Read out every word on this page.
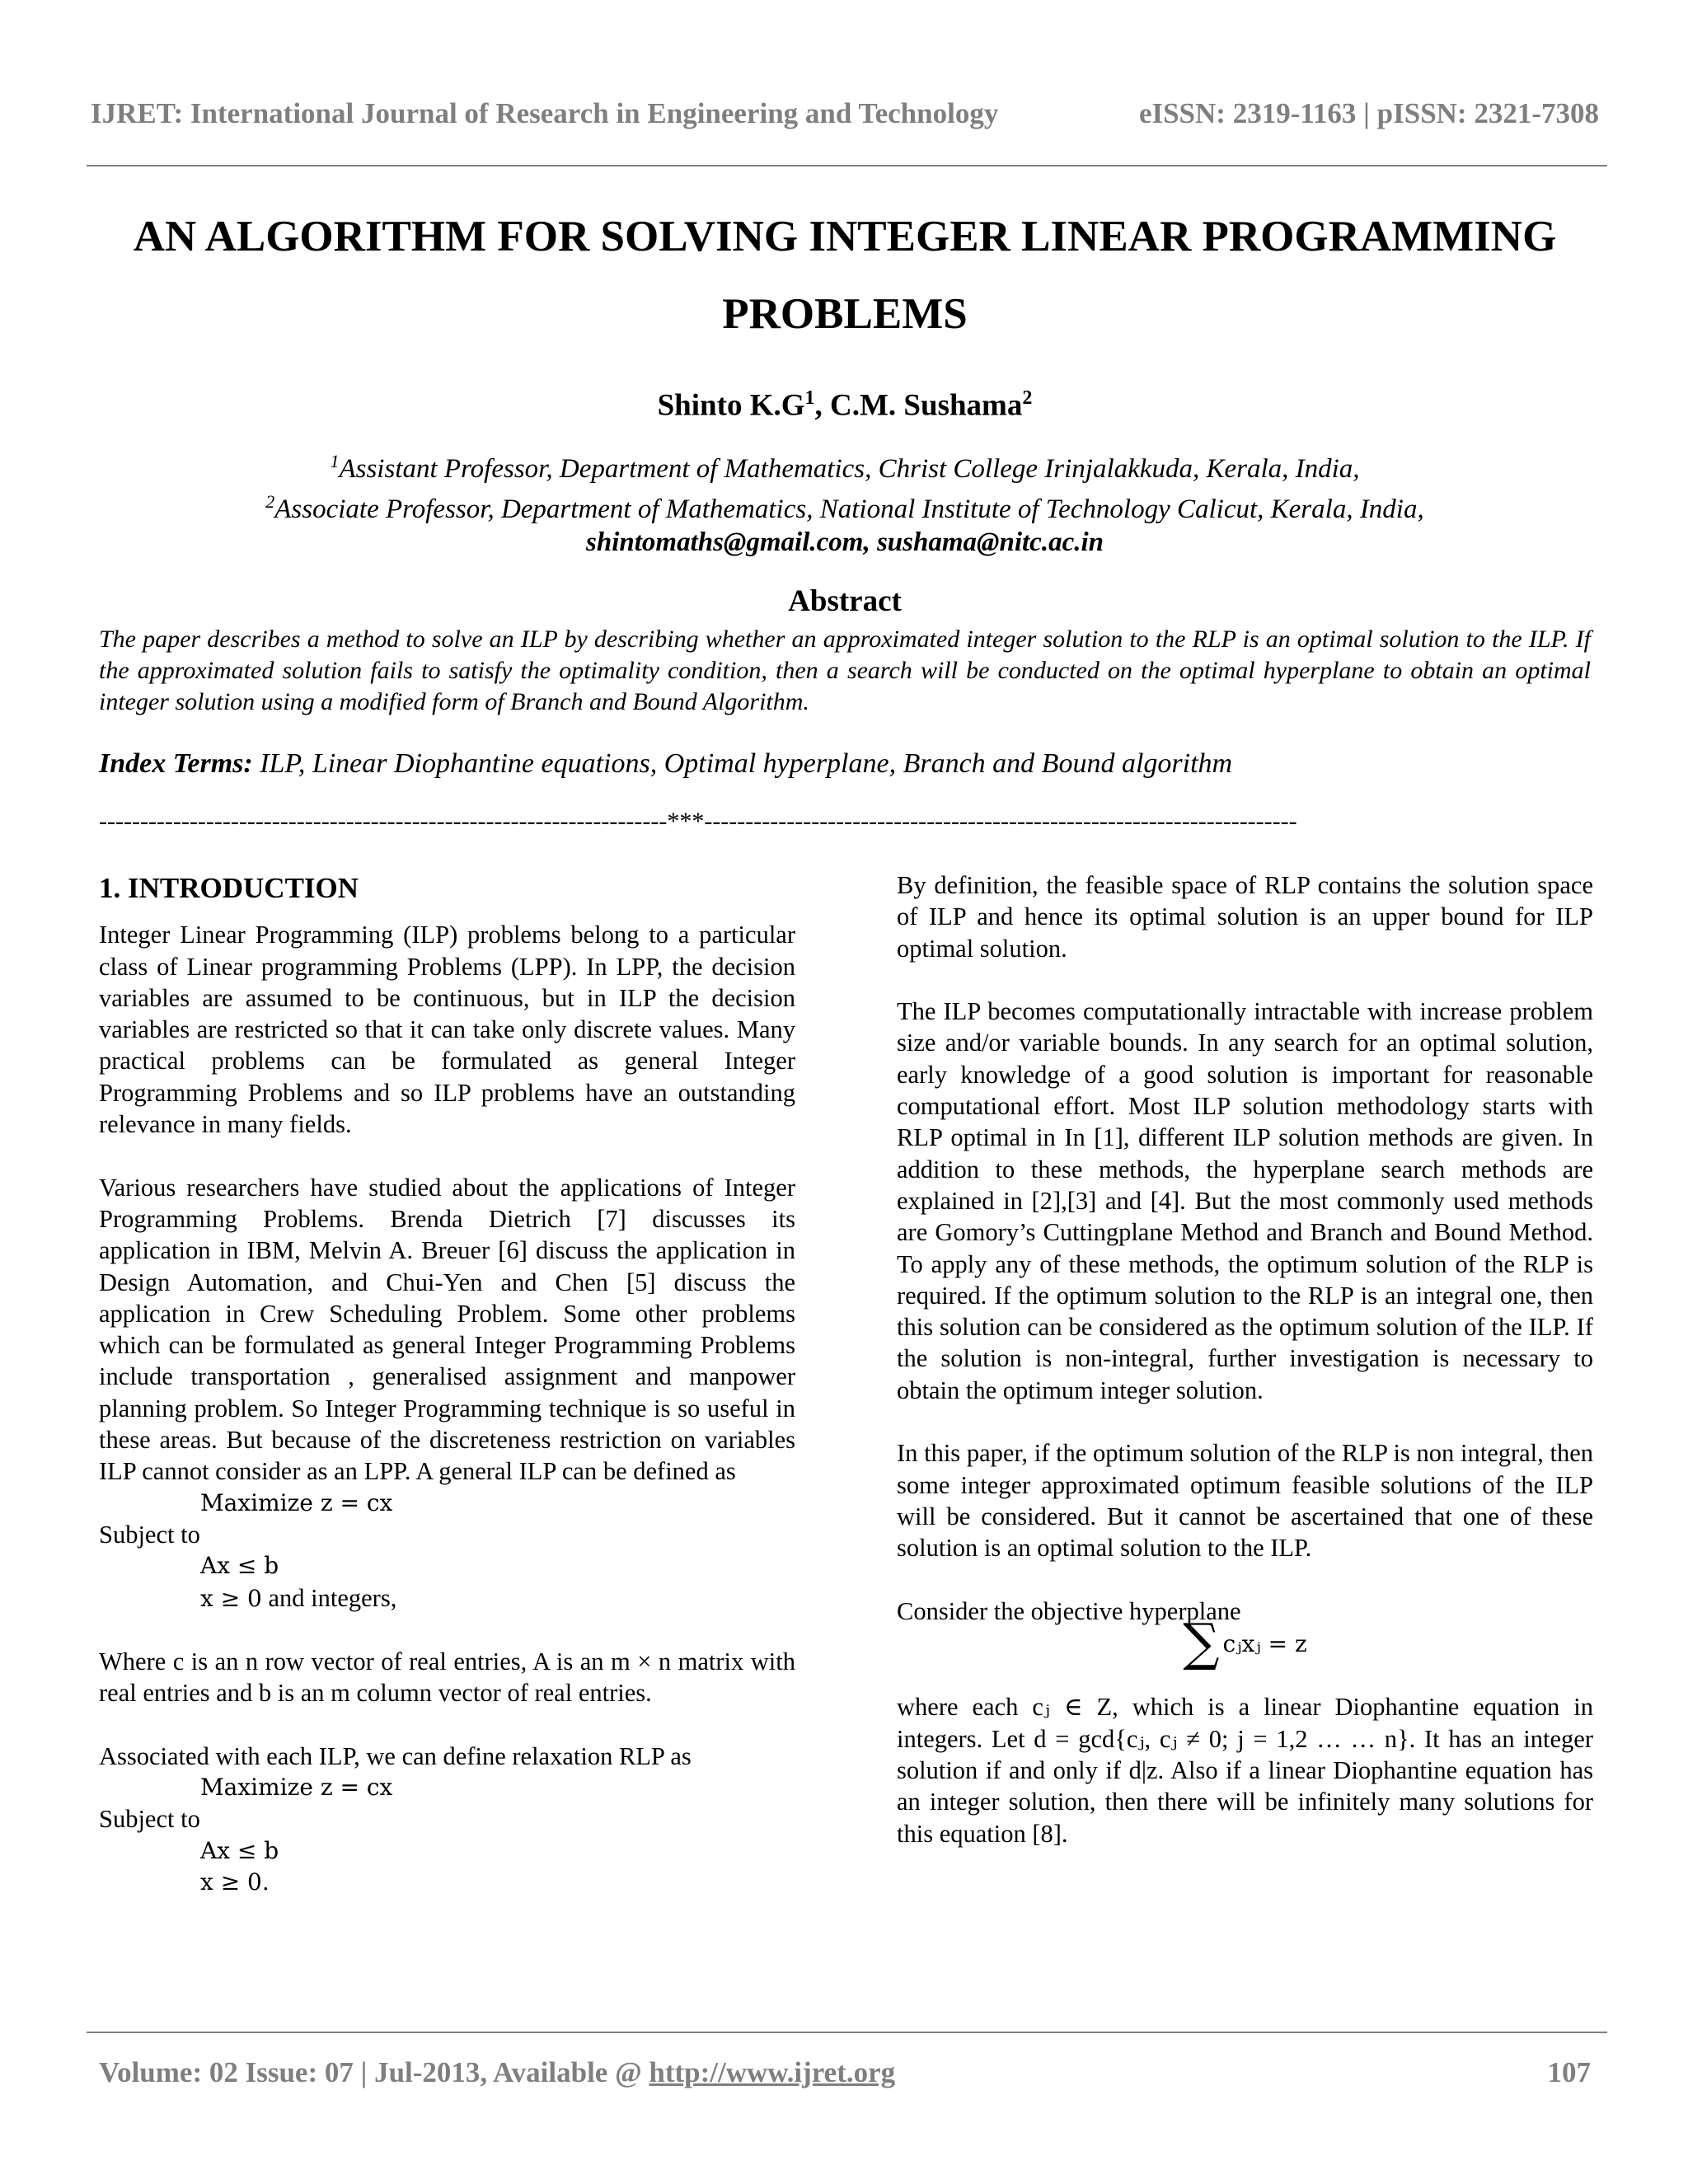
IJRET: International Journal of Research in Engineering and Technology	eISSN: 2319-1163 | pISSN: 2321-7308
AN ALGORITHM FOR SOLVING INTEGER LINEAR PROGRAMMING
PROBLEMS
Shinto $K.G^1$, C.M. Sushama$^2$
$^1$Assistant Professor, Department of Mathematics, Christ College Irinjalakkuda, Kerala, India,
$^2$Associate Professor, Department of Mathematics, National Institute of Technology Calicut, Kerala, India,
shintomaths@gmail.com, sushama@nitc.ac.in
Abstract
The paper describes a method to solve an ILP by describing whether an approximated integer solution to the RLP is an optimal solution to the ILP. If the approximated solution fails to satisfy the optimality condition, then a search will be conducted on the optimal hyperplane to obtain an optimal integer solution using a modified form of Branch and Bound Algorithm.
Index Terms: ILP, Linear Diophantine equations, Optimal hyperplane, Branch and Bound algorithm
---------------------------------------------------------------------***------------------------------------------------------------------------
1. INTRODUCTION

Integer Linear Programming (ILP) problems belong to a particular class of Linear programming Problems (LPP). In LPP, the decision variables are assumed to be continuous, but in ILP the decision variables are restricted so that it can take only discrete values. Many practical problems can be formulated as general Integer Programming Problems and so ILP problems have an outstanding relevance in many fields.

Various researchers have studied about the applications of Integer Programming Problems. Brenda Dietrich [7] discusses its application in IBM, Melvin A. Breuer [6] discuss the application in Design Automation, and Chui-Yen and Chen [5] discuss the application in Crew Scheduling Problem. Some other problems which can be formulated as general Integer Programming Problems include transportation , generalised assignment and manpower planning problem. So Integer Programming technique is so useful in these areas. But because of the discreteness restriction on variables ILP cannot consider as an LPP. A general ILP can be defined as

Maximize z = cx
Subject to
Ax ≤ b
x ≥ 0 and integers,

Where c is an n row vector of real entries, A is an m × n matrix with real entries and b is an m column vector of real entries.

Associated with each ILP, we can define relaxation RLP as

Maximize z = cx
Subject to
Ax ≤ b
x ≥ 0.

By definition, the feasible space of RLP contains the solution space of ILP and hence its optimal solution is an upper bound for ILP optimal solution.

The ILP becomes computationally intractable with increase problem size and/or variable bounds. In any search for an optimal solution, early knowledge of a good solution is important for reasonable computational effort. Most ILP solution methodology starts with RLP optimal in In [1], different ILP solution methods are given. In addition to these methods, the hyperplane search methods are explained in [2],[3] and [4]. But the most commonly used methods are Gomory’s Cuttingplane Method and Branch and Bound Method. To apply any of these methods, the optimum solution of the RLP is required. If the optimum solution to the RLP is an integral one, then this solution can be considered as the optimum solution of the ILP. If the solution is non-integral, further investigation is necessary to obtain the optimum integer solution.

In this paper, if the optimum solution of the RLP is non integral, then some integer approximated optimum feasible solutions of the ILP will be considered. But it cannot be ascertained that one of these solution is an optimal solution to the ILP.

Consider the objective hyperplane

∑ cⱼxⱼ = z

where each cⱼ ∈ Z, which is a linear Diophantine equation in integers. Let d = gcd{cⱼ, cⱼ ≠ 0; j = 1,2 … … n}. It has an integer solution if and only if d|z. Also if a linear Diophantine equation has an integer solution, then there will be infinitely many solutions for this equation [8].

Volume: 02 Issue: 07 | Jul-2013, Available @ http://www.ijret.org	107
